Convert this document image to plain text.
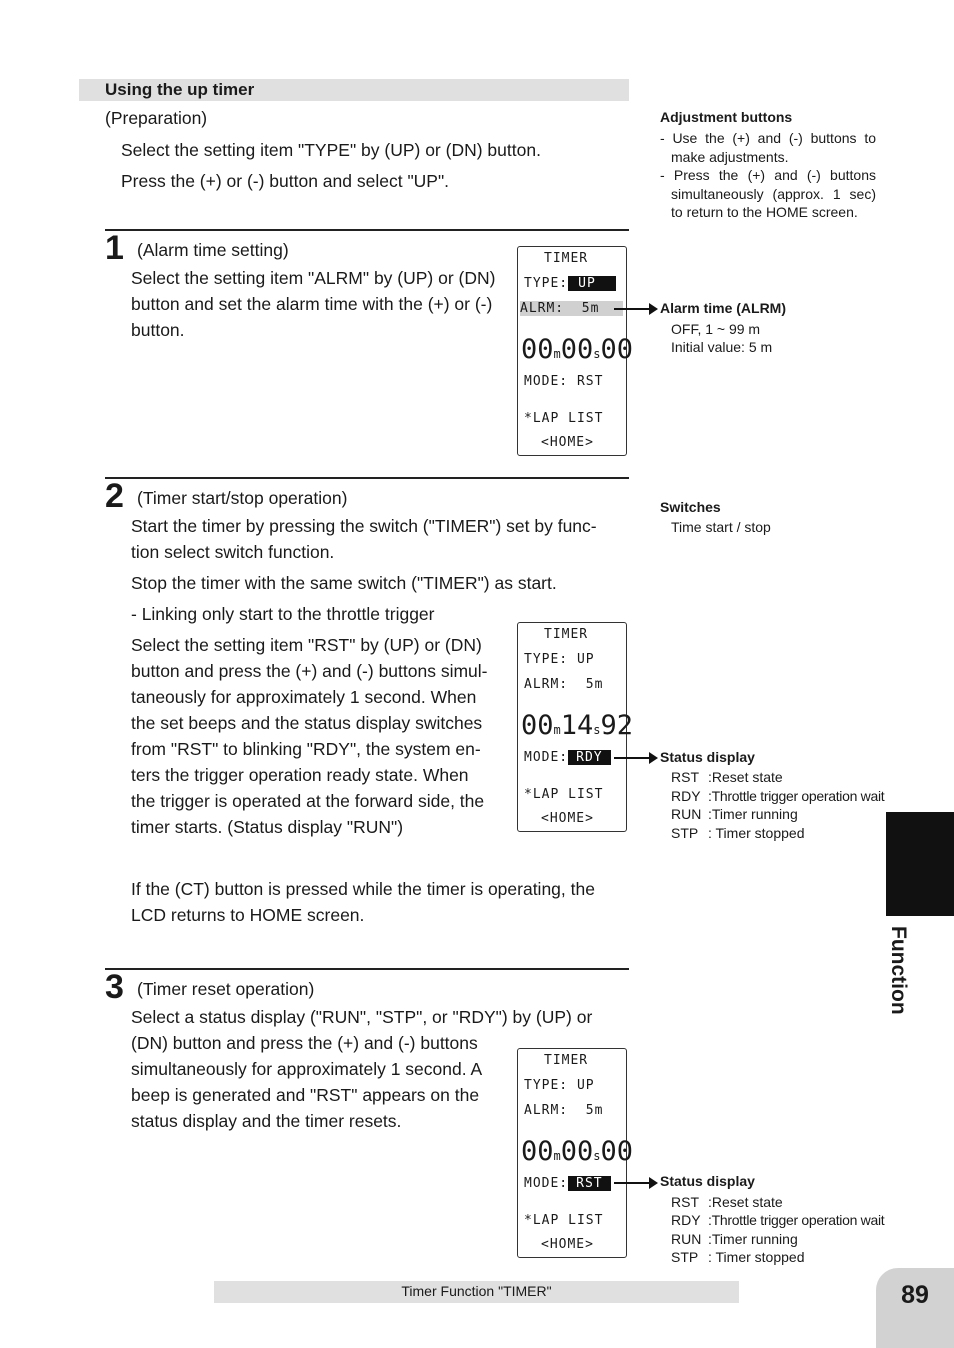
Using the up timer
(Preparation)
Select the setting item "TYPE" by (UP) or (DN) button.
Press the (+) or (-) button and select "UP".
Adjustment buttons
- Use the (+) and (-) buttons to
make adjustments.
- Press the (+) and (-) buttons
simultaneously (approx. 1 sec)
to return to the HOME screen.
1 (Alarm time setting)
Select the setting item "ALRM" by (UP) or (DN)
button and set the alarm time with the (+) or (-)
button.
TIMER
TYPE: UP
ALRM: 5m
00m00s00
MODE: RST
*LAP LIST
<HOME>
Alarm time (ALRM)
OFF, 1 ~ 99 m
Initial value: 5 m
2 (Timer start/stop operation)
Start the timer by pressing the switch ("TIMER") set by func-
tion select switch function.
Stop the timer with the same switch ("TIMER") as start.
- Linking only start to the throttle trigger
Select the setting item "RST" by (UP) or (DN)
button and press the (+) and (-) buttons simul-
taneously for approximately 1 second. When
the set beeps and the status display switches
from "RST" to blinking "RDY", the system en-
ters the trigger operation ready state. When
the trigger is operated at the forward side, the
timer starts. (Status display "RUN")
If the (CT) button is pressed while the timer is operating, the
LCD returns to HOME screen.
Switches
Time start / stop
TIMER
TYPE: UP
ALRM: 5m
00m14s92
MODE: RDY
*LAP LIST
<HOME>
Status display
RST :Reset state
RDY :Throttle trigger operation wait
RUN :Timer running
STP : Timer stopped
3 (Timer reset operation)
Select a status display ("RUN", "STP", or "RDY") by (UP) or
(DN) button and press the (+) and (-) buttons
simultaneously for approximately 1 second. A
beep is generated and "RST" appears on the
status display and the timer resets.
TIMER
TYPE: UP
ALRM: 5m
00m00s00
MODE: RST
*LAP LIST
<HOME>
Status display
RST :Reset state
RDY :Throttle trigger operation wait
RUN :Timer running
STP : Timer stopped
Function
Timer Function "TIMER"	89
